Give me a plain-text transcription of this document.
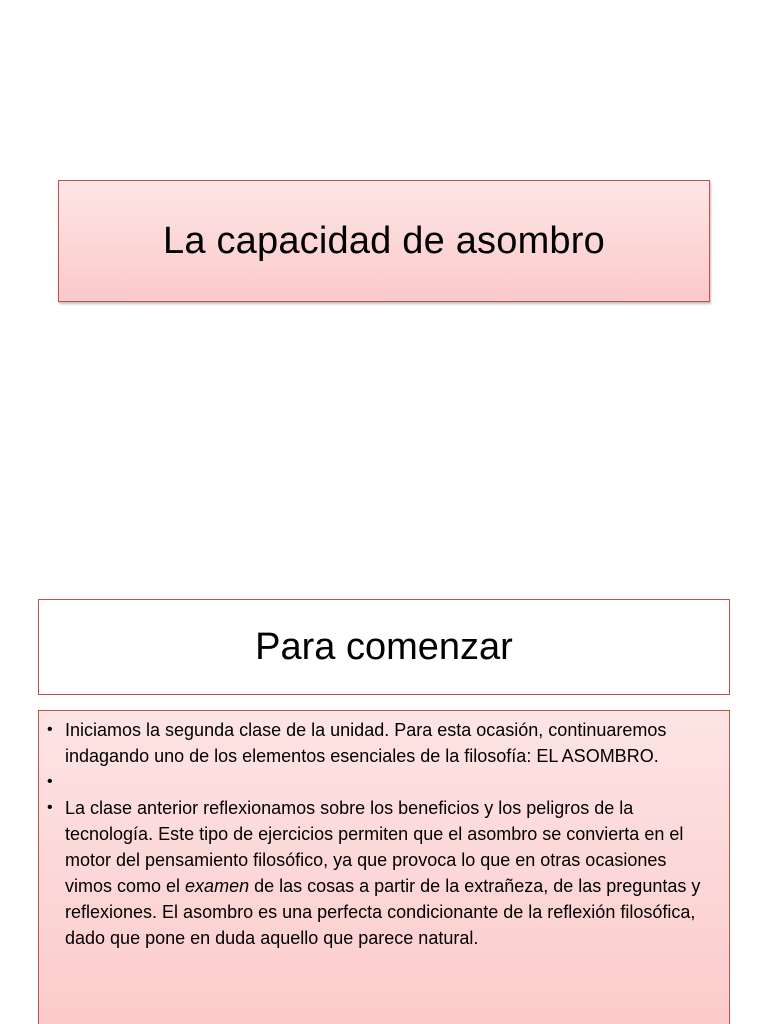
La capacidad de asombro
Para comenzar
• Iniciamos la segunda clase de la unidad. Para esta ocasión, continuaremos indagando uno de los elementos esenciales de la filosofía: EL ASOMBRO.
•

• La clase anterior reflexionamos sobre los beneficios y los peligros de la tecnología. Este tipo de ejercicios permiten que el asombro se convierta en el motor del pensamiento filosófico, ya que provoca lo que en otras ocasiones vimos como el examen de las cosas a partir de la extrañeza, de las preguntas y reflexiones. El asombro es una perfecta condicionante de la reflexión filosófica, dado que pone en duda aquello que parece natural.
